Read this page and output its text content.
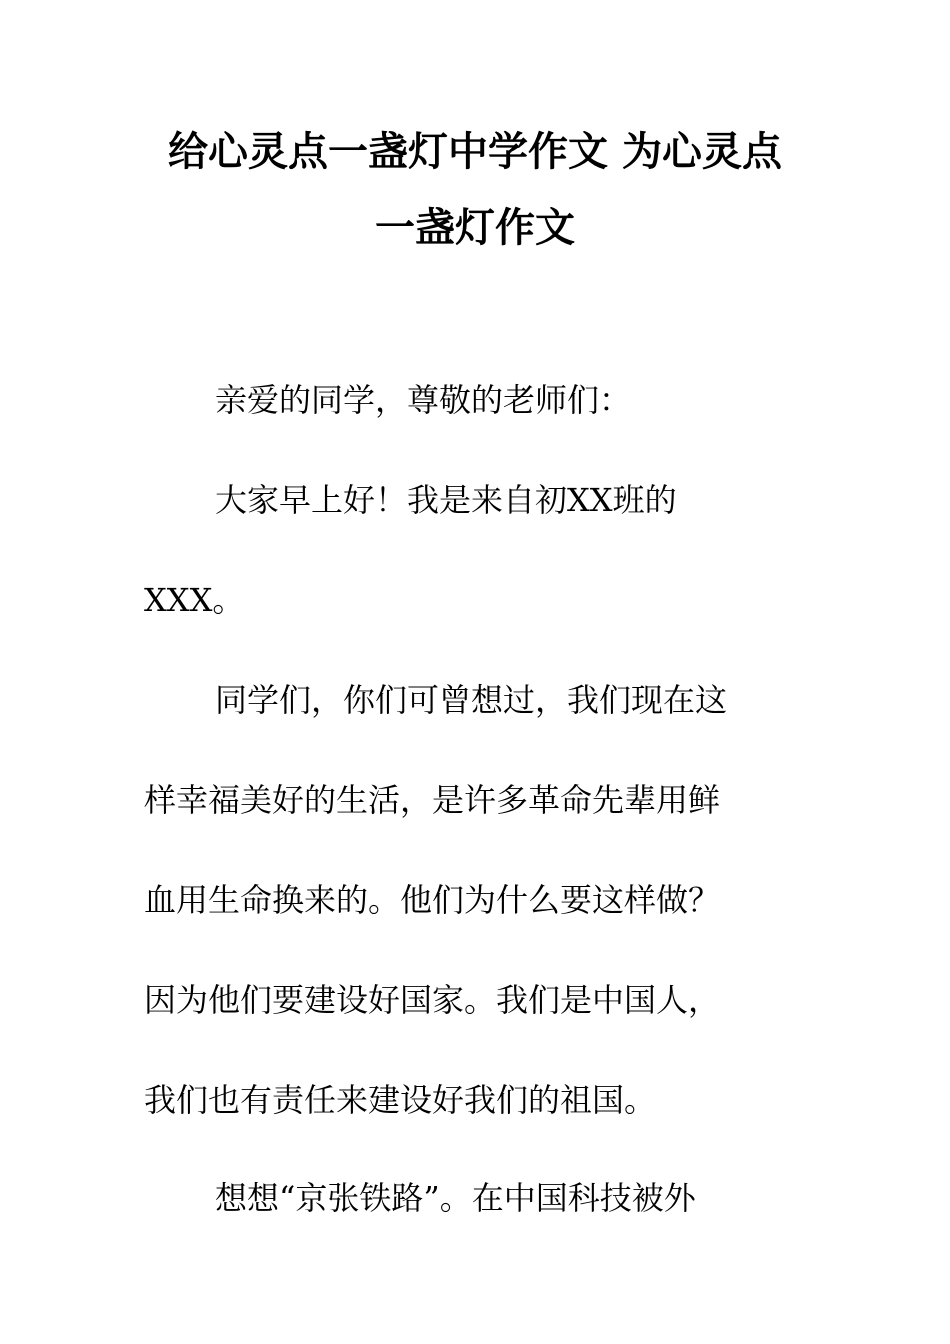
给心灵点一盏灯中学作文 为心灵点
一盏灯作文
亲爱的同学，尊敬的老师们：
大家早上好！我是来自初XX班的
XXX。
同学们，你们可曾想过，我们现在这
样幸福美好的生活，是许多革命先辈用鲜
血用生命换来的。他们为什么要这样做？
因为他们要建设好国家。我们是中国人，
我们也有责任来建设好我们的祖国。
想想“京张铁路”。在中国科技被外
